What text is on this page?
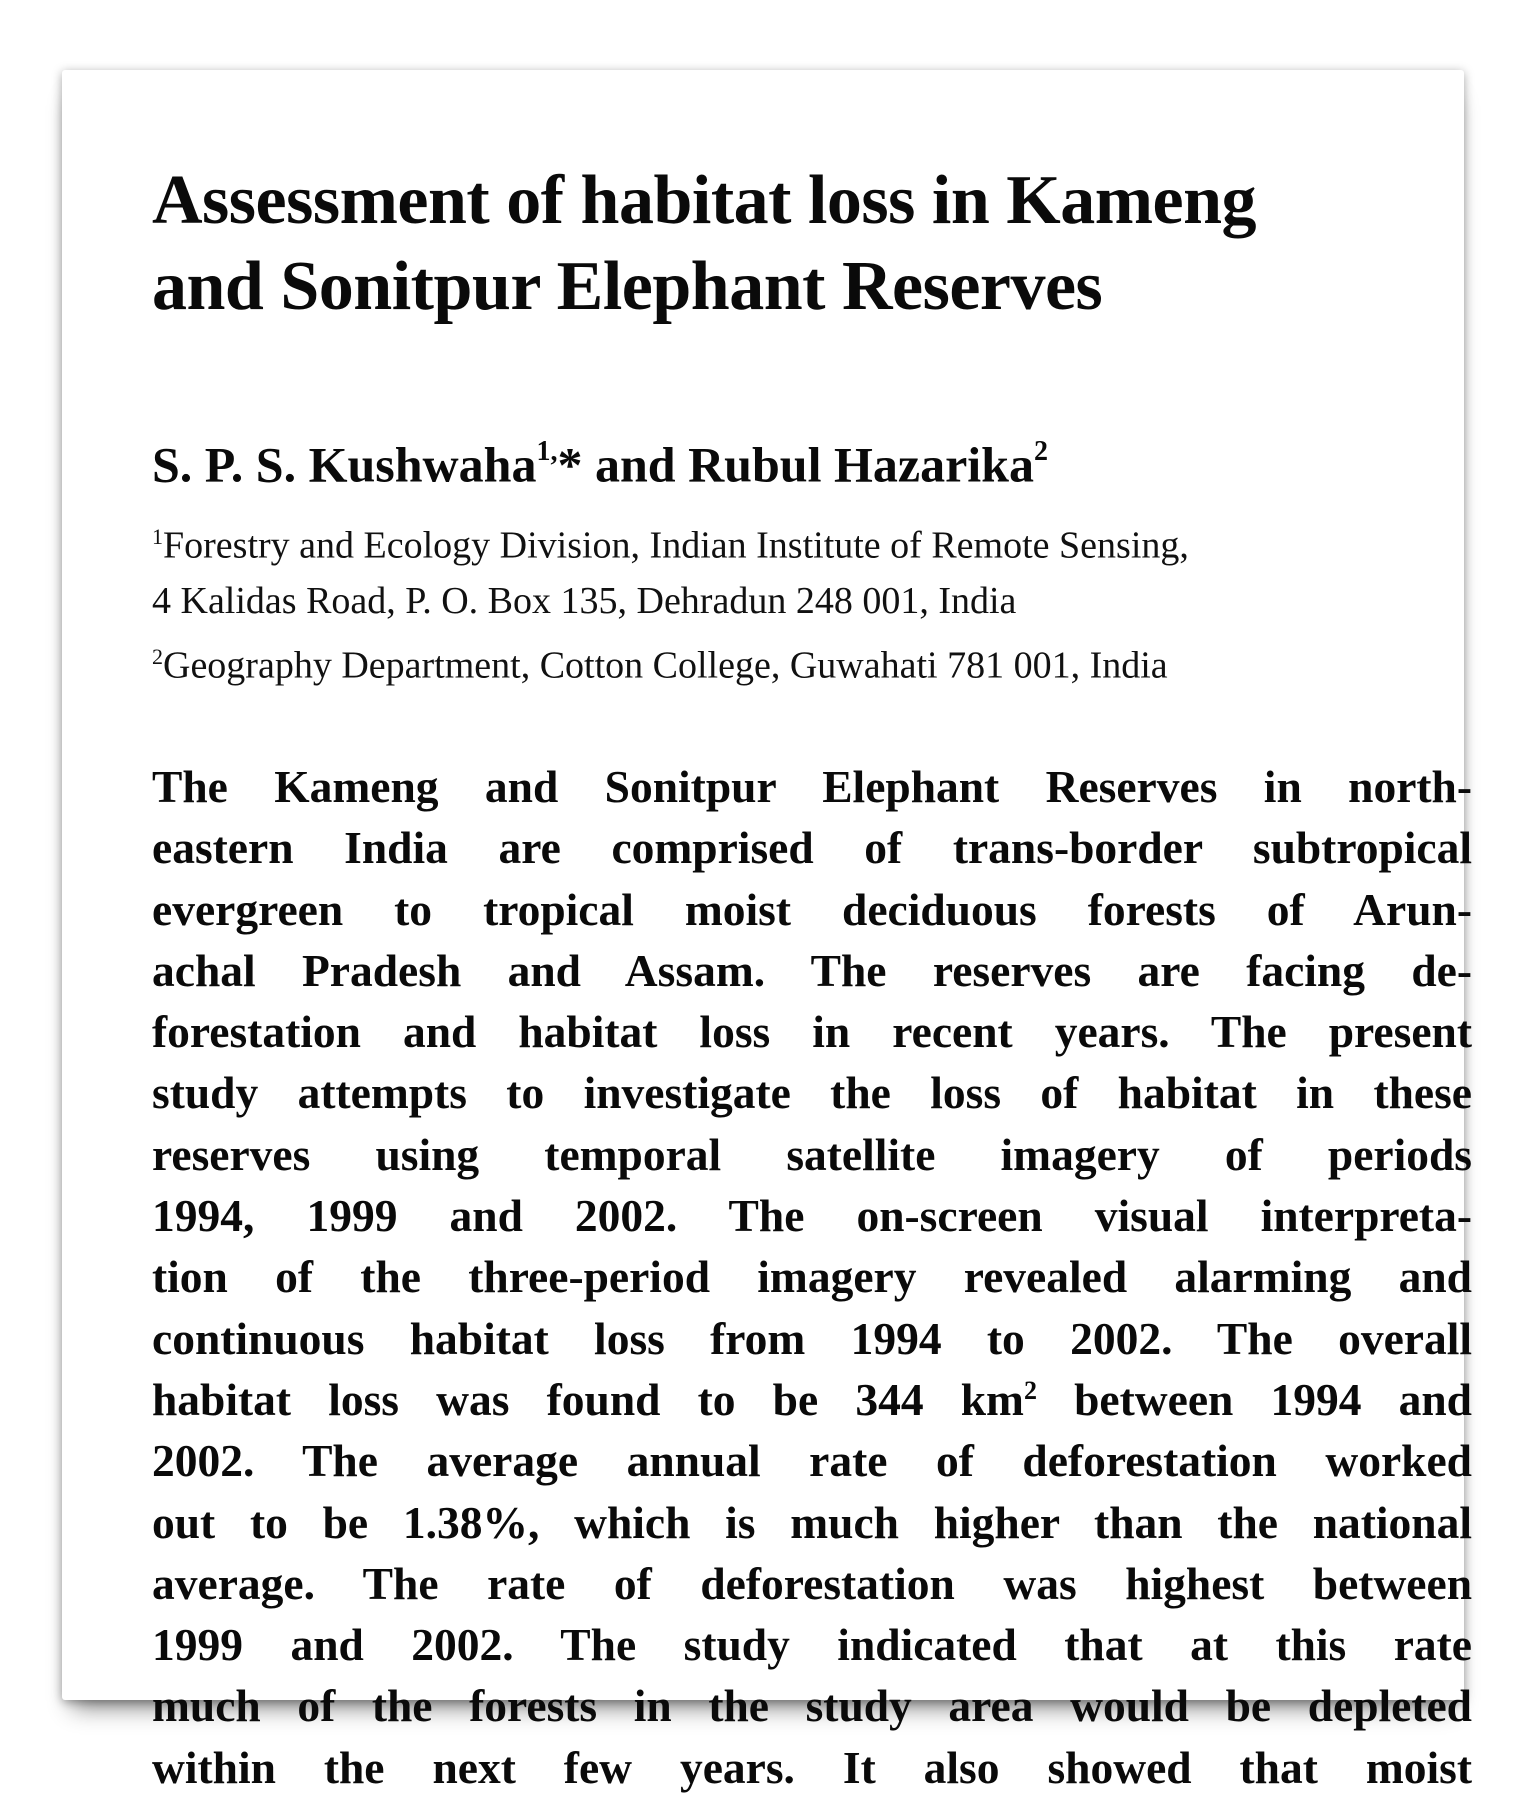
Assessment of habitat loss in Kameng
and Sonitpur Elephant Reserves
S. P. S. Kushwaha$^{1,}$* and Rubul Hazarika$^2$
$^1$Forestry and Ecology Division, Indian Institute of Remote Sensing,
4 Kalidas Road, P. O. Box 135, Dehradun 248 001, India
$^2$Geography Department, Cotton College, Guwahati 781 001, India
The Kameng and Sonitpur Elephant Reserves in north-
eastern India are comprised of trans-border subtropical
evergreen to tropical moist deciduous forests of Arun-
achal Pradesh and Assam. The reserves are facing de-
forestation and habitat loss in recent years. The present
study attempts to investigate the loss of habitat in these
reserves using temporal satellite imagery of periods
1994, 1999 and 2002. The on-screen visual interpreta-
tion of the three-period imagery revealed alarming and
continuous habitat loss from 1994 to 2002. The overall
habitat loss was found to be 344 $km^2$ between 1994 and
2002. The average annual rate of deforestation worked
out to be 1.38%, which is much higher than the national
average. The rate of deforestation was highest between
1999 and 2002. The study indicated that at this rate
much of the forests in the study area would be depleted
within the next few years. It also showed that moist
